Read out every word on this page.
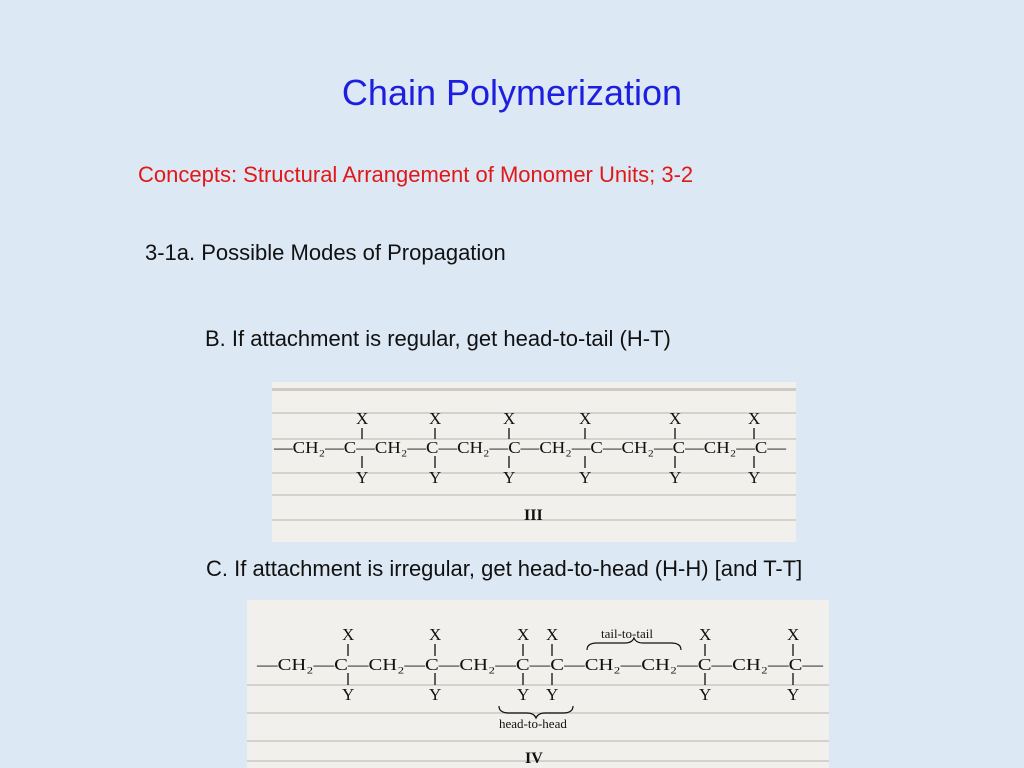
Chain Polymerization
Concepts: Structural Arrangement of Monomer Units; 3-2
3-1a. Possible Modes of Propagation
B. If attachment is regular, get head-to-tail (H-T)
X	X	X	X	X	X
—CH₂—C—CH₂—C—CH₂—C—CH₂—C—CH₂—C—CH₂—C—
Y	Y	Y	Y	Y	Y
III
C. If attachment is irregular, get head-to-head (H-H) [and T-T]
tail-to-tail
X	X	X X	X	X
—CH₂—C—CH₂—C—CH₂—C—C—CH₂—CH₂—C—CH₂—C—
Y	Y	Y Y	Y	Y
head-to-head
IV
